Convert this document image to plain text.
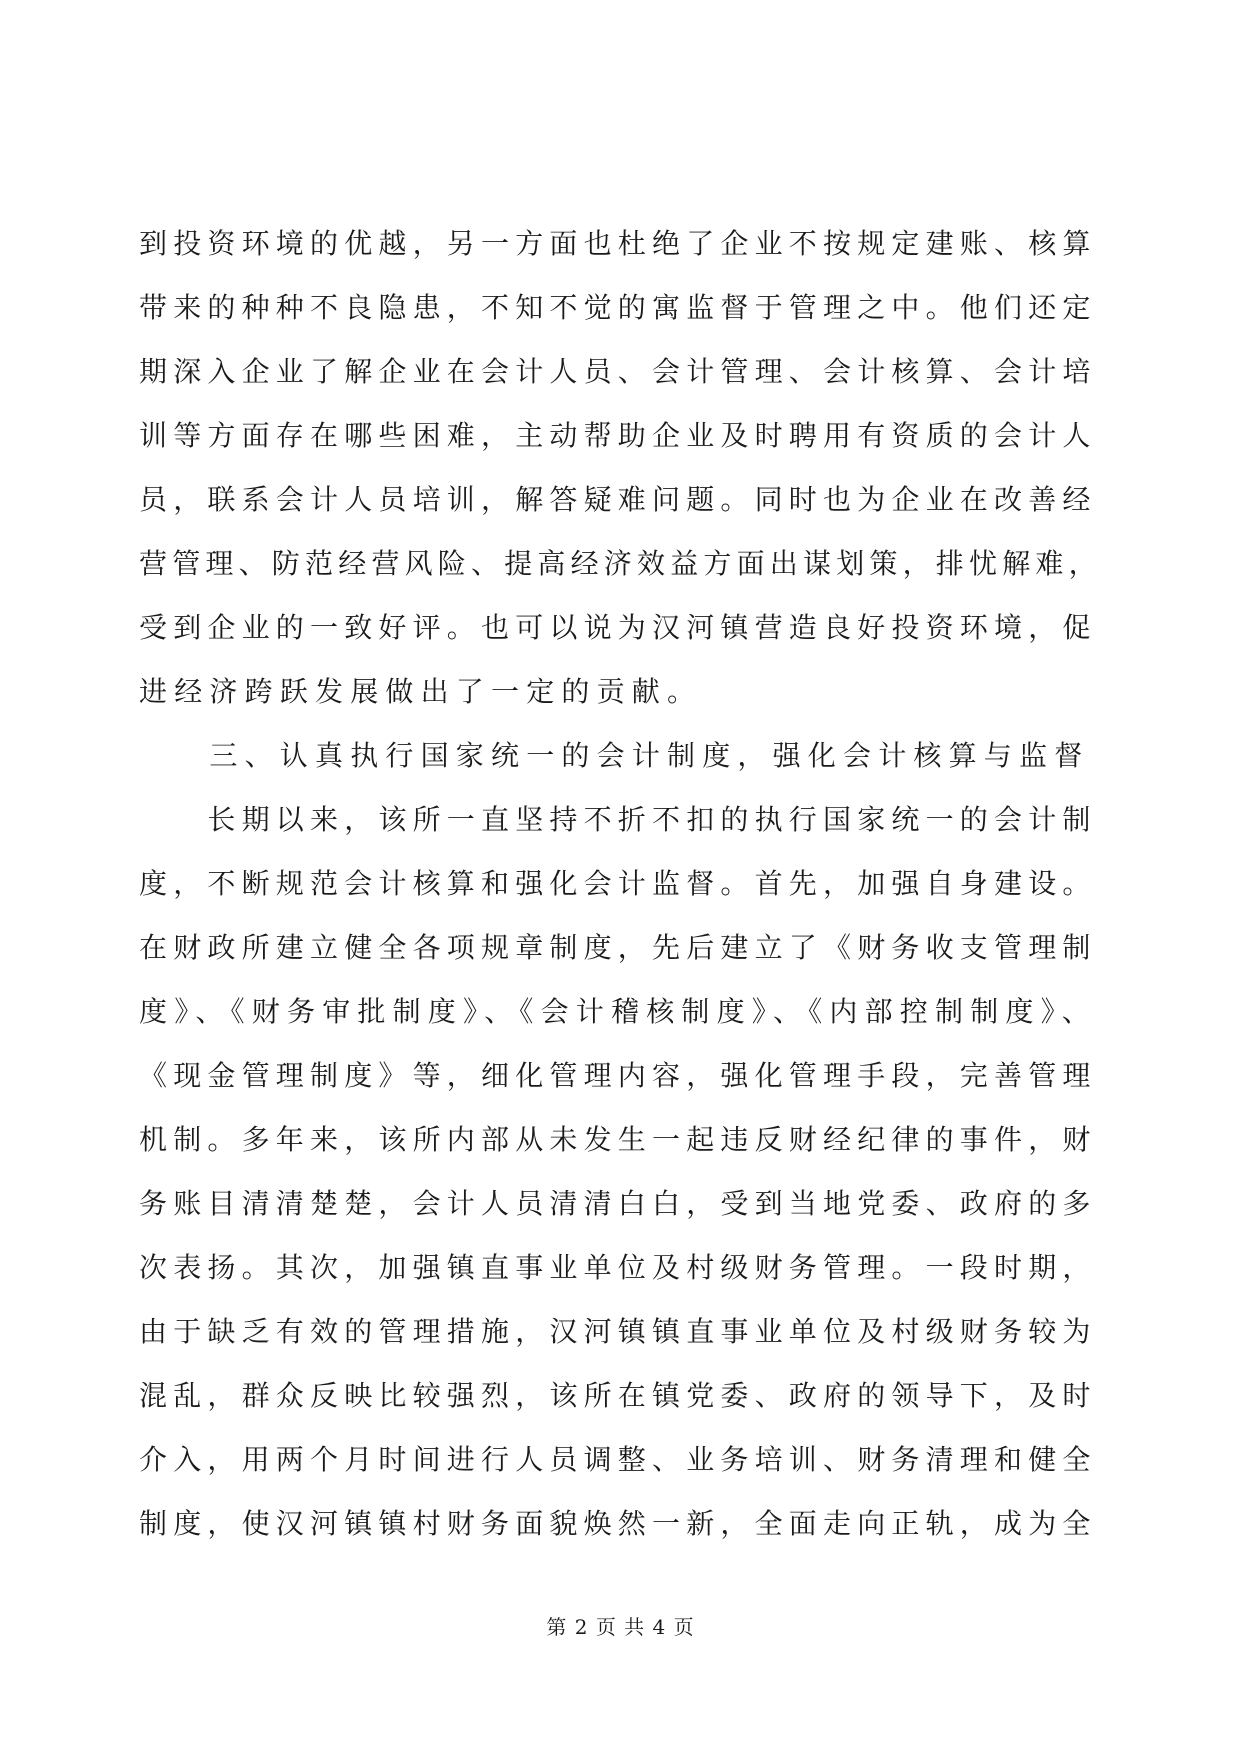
到投资环境的优越，另一方面也杜绝了企业不按规定建账、核算
带来的种种不良隐患，不知不觉的寓监督于管理之中。他们还定
期深入企业了解企业在会计人员、会计管理、会计核算、会计培
训等方面存在哪些困难，主动帮助企业及时聘用有资质的会计人
员，联系会计人员培训，解答疑难问题。同时也为企业在改善经
营管理、防范经营风险、提高经济效益方面出谋划策，排忧解难，
受到企业的一致好评。也可以说为汉河镇营造良好投资环境，促
进经济跨跃发展做出了一定的贡献。
　　三、认真执行国家统一的会计制度，强化会计核算与监督
　　长期以来，该所一直坚持不折不扣的执行国家统一的会计制
度，不断规范会计核算和强化会计监督。首先，加强自身建设。
在财政所建立健全各项规章制度，先后建立了《财务收支管理制
度》、《财务审批制度》、《会计稽核制度》、《内部控制制度》、
《现金管理制度》等，细化管理内容，强化管理手段，完善管理
机制。多年来，该所内部从未发生一起违反财经纪律的事件，财
务账目清清楚楚，会计人员清清白白，受到当地党委、政府的多
次表扬。其次，加强镇直事业单位及村级财务管理。一段时期，
由于缺乏有效的管理措施，汉河镇镇直事业单位及村级财务较为
混乱，群众反映比较强烈，该所在镇党委、政府的领导下，及时
介入，用两个月时间进行人员调整、业务培训、财务清理和健全
制度，使汉河镇镇村财务面貌焕然一新，全面走向正轨，成为全
第 2 页 共 4 页
